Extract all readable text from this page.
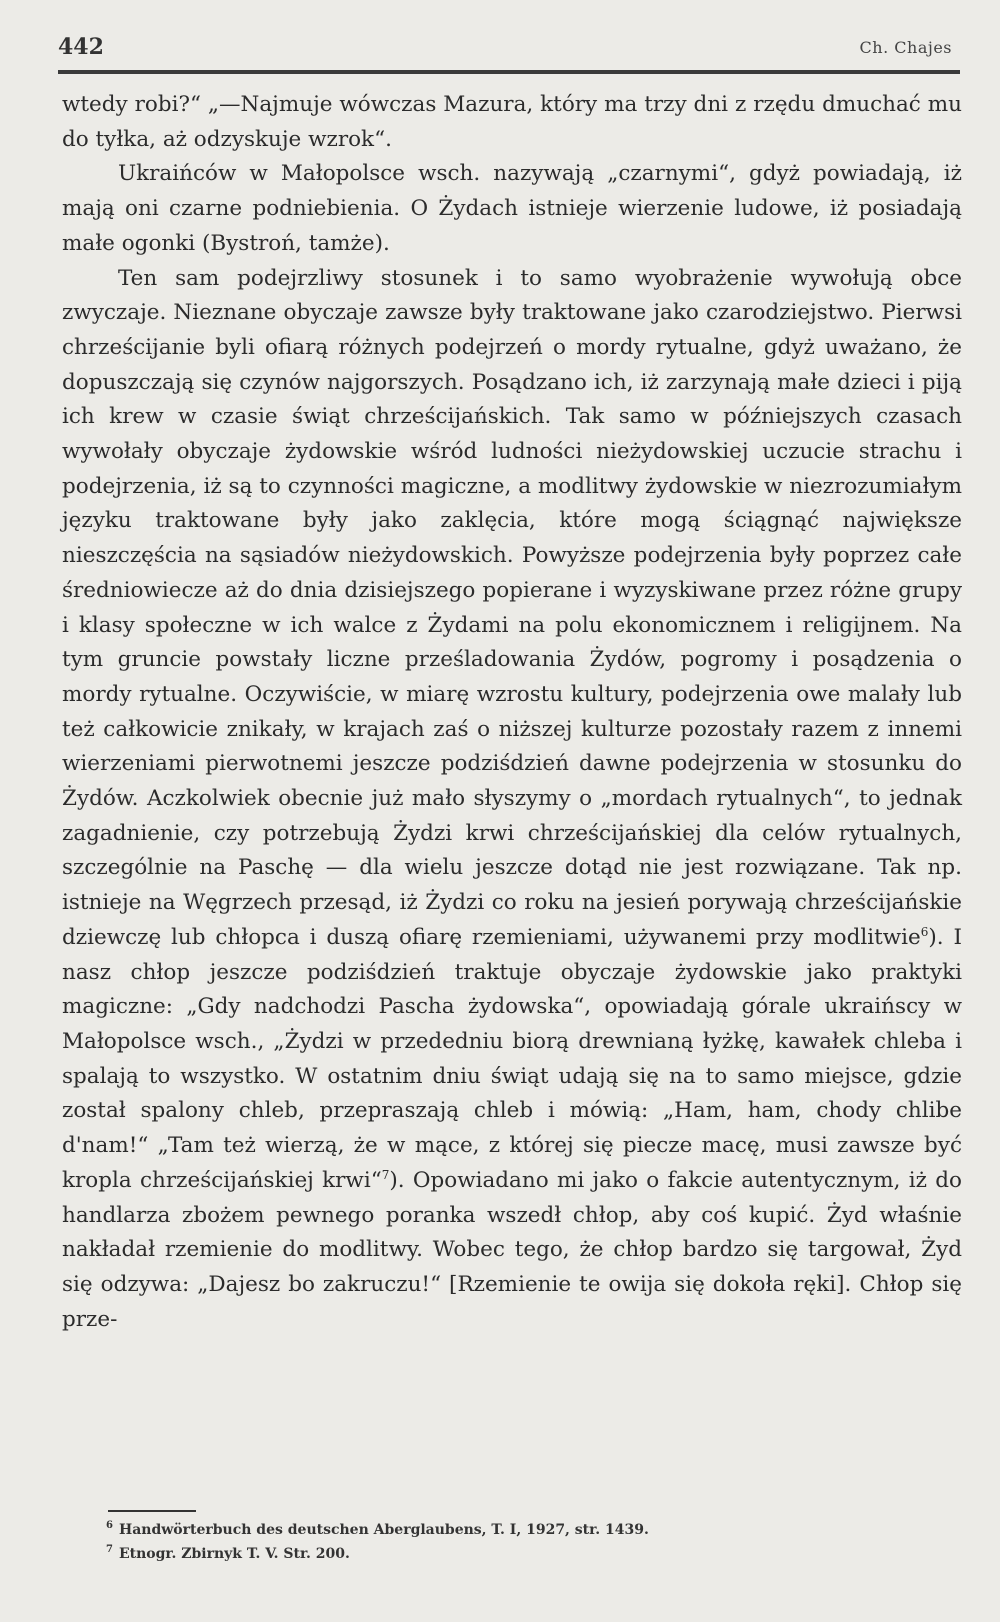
442	Ch. Chajes

wtedy robi?“ „—Najmuje wówczas Mazura, który ma trzy dni z rzędu dmuchać mu do tyłka, aż odzyskuje wzrok“.

Ukraińców w Małopolsce wsch. nazywają „czarnymi“, gdyż powiadają, iż mają oni czarne podniebienia. O Żydach istnieje wierzenie ludowe, iż posiadają małe ogonki (Bystroń, tamże).

Ten sam podejrzliwy stosunek i to samo wyobrażenie wywołują obce zwyczaje. Nieznane obyczaje zawsze były traktowane jako czarodziejstwo. Pierwsi chrześcijanie byli ofiarą różnych podejrzeń o mordy rytualne, gdyż uważano, że dopuszczają się czynów najgorszych. Posądzano ich, iż zarzynają małe dzieci i piją ich krew w czasie świąt chrześcijańskich. Tak samo w późniejszych czasach wywołały obyczaje żydowskie wśród ludności nieżydowskiej uczucie strachu i podejrzenia, iż są to czynności magiczne, a modlitwy żydowskie w niezrozumiałym języku traktowane były jako zaklęcia, które mogą ściągnąć największe nieszczęścia na sąsiadów nieżydowskich. Powyższe podejrzenia były poprzez całe średniowiecze aż do dnia dzisiejszego popierane i wyzyskiwane przez różne grupy i klasy społeczne w ich walce z Żydami na polu ekonomicznem i religijnem. Na tym gruncie powstały liczne prześladowania Żydów, pogromy i posądzenia o mordy rytualne. Oczywiście, w miarę wzrostu kultury, podejrzenia owe malały lub też całkowicie znikały, w krajach zaś o niższej kulturze pozostały razem z innemi wierzeniami pierwotnemi jeszcze podziśdzień dawne podejrzenia w stosunku do Żydów. Aczkolwiek obecnie już mało słyszymy o „mordach rytualnych“, to jednak zagadnienie, czy potrzebują Żydzi krwi chrześcijańskiej dla celów rytualnych, szczególnie na Paschę — dla wielu jeszcze dotąd nie jest rozwiązane. Tak np. istnieje na Węgrzech przesąd, iż Żydzi co roku na jesień porywają chrześcijańskie dziewczę lub chłopca i duszą ofiarę rzemieniami, używanemi przy modlitwie$^6$). I nasz chłop jeszcze podziśdzień traktuje obyczaje żydowskie jako praktyki magiczne: „Gdy nadchodzi Pascha żydowska“, opowiadają górale ukraińscy w Małopolsce wsch., „Żydzi w przededniu biorą drewnianą łyżkę, kawałek chleba i spalają to wszystko. W ostatnim dniu świąt udają się na to samo miejsce, gdzie został spalony chleb, przepraszają chleb i mówią: „Ham, ham, chody chlibe d'nam!“ „Tam też wierzą, że w mące, z której się piecze macę, musi zawsze być kropla chrześcijańskiej krwi“$^7$). Opowiadano mi jako o fakcie autentycznym, iż do handlarza zbożem pewnego poranka wszedł chłop, aby coś kupić. Żyd właśnie nakładał rzemienie do modlitwy. Wobec tego, że chłop bardzo się targował, Żyd się odzywa: „Dajesz bo zakruczu!“ [Rzemienie te owija się dokoła ręki]. Chłop się prze-

$^6$ Handwörterbuch des deutschen Aberglaubens, T. I, 1927, str. 1439.
$^7$ Etnogr. Zbirnyk T. V. Str. 200.
